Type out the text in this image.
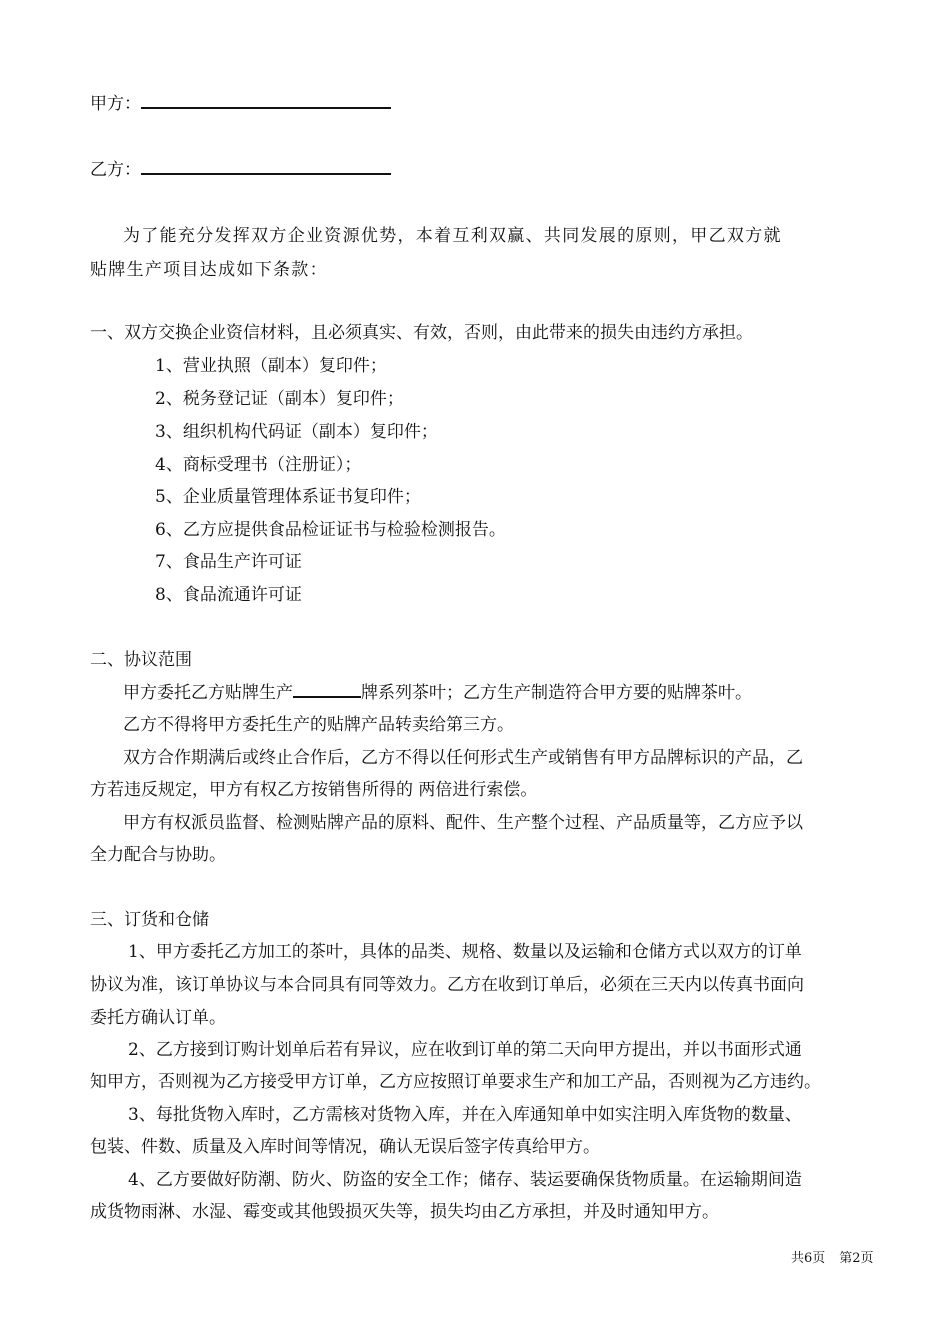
甲方：
乙方：
为了能充分发挥双方企业资源优势，本着互利双赢、共同发展的原则，甲乙双方就
贴牌生产项目达成如下条款：
一、双方交换企业资信材料，且必须真实、有效，否则，由此带来的损失由违约方承担。
1、营业执照（副本）复印件；
2、税务登记证（副本）复印件；
3、组织机构代码证（副本）复印件；
4、商标受理书（注册证）；
5、企业质量管理体系证书复印件；
6、乙方应提供食品检证证书与检验检测报告。
7、食品生产许可证
8、食品流通许可证
二、协议范围
甲方委托乙方贴牌生产	牌系列茶叶；乙方生产制造符合甲方要的贴牌茶叶。
乙方不得将甲方委托生产的贴牌产品转卖给第三方。
双方合作期满后或终止合作后，乙方不得以任何形式生产或销售有甲方品牌标识的产品，乙
方若违反规定，甲方有权乙方按销售所得的 两倍进行索偿。
甲方有权派员监督、检测贴牌产品的原料、配件、生产整个过程、产品质量等，乙方应予以
全力配合与协助。
三、订货和仓储
1、甲方委托乙方加工的茶叶，具体的品类、规格、数量以及运输和仓储方式以双方的订单
协议为准，该订单协议与本合同具有同等效力。乙方在收到订单后，必须在三天内以传真书面向
委托方确认订单。
2、乙方接到订购计划单后若有异议，应在收到订单的第二天向甲方提出，并以书面形式通
知甲方，否则视为乙方接受甲方订单，乙方应按照订单要求生产和加工产品，否则视为乙方违约。
3、每批货物入库时，乙方需核对货物入库，并在入库通知单中如实注明入库货物的数量、
包装、件数、质量及入库时间等情况，确认无误后签字传真给甲方。
4、乙方要做好防潮、防火、防盗的安全工作；储存、装运要确保货物质量。在运输期间造
成货物雨淋、水湿、霉变或其他毁损灭失等，损失均由乙方承担，并及时通知甲方。
共6页 第2页
